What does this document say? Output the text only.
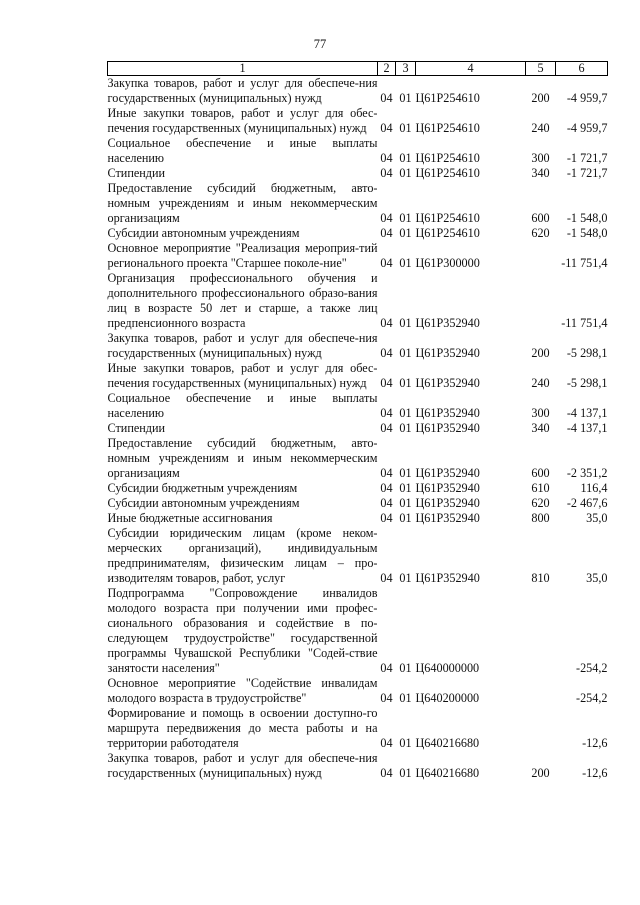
77
1	2	3	4	5	6
Закупка товаров, работ и услуг для обеспече-ния государственных (муниципальных) нужд	04	01	Ц61Р254610	200	-4 959,7
Иные закупки товаров, работ и услуг для обес-печения государственных (муниципальных) нужд	04	01	Ц61Р254610	240	-4 959,7
Социальное обеспечение и иные выплаты населению	04	01	Ц61Р254610	300	-1 721,7
Стипендии	04	01	Ц61Р254610	340	-1 721,7
Предоставление субсидий бюджетным, авто-номным учреждениям и иным некоммерческим организациям	04	01	Ц61Р254610	600	-1 548,0
Субсидии автономным учреждениям	04	01	Ц61Р254610	620	-1 548,0
Основное мероприятие "Реализация мероприя-тий регионального проекта "Старшее поколе-ние"	04	01	Ц61Р300000		-11 751,4
Организация профессионального обучения и дополнительного профессионального образо-вания лиц в возрасте 50 лет и старше, а также лиц предпенсионного возраста	04	01	Ц61Р352940		-11 751,4
Закупка товаров, работ и услуг для обеспече-ния государственных (муниципальных) нужд	04	01	Ц61Р352940	200	-5 298,1
Иные закупки товаров, работ и услуг для обес-печения государственных (муниципальных) нужд	04	01	Ц61Р352940	240	-5 298,1
Социальное обеспечение и иные выплаты населению	04	01	Ц61Р352940	300	-4 137,1
Стипендии	04	01	Ц61Р352940	340	-4 137,1
Предоставление субсидий бюджетным, авто-номным учреждениям и иным некоммерческим организациям	04	01	Ц61Р352940	600	-2 351,2
Субсидии бюджетным учреждениям	04	01	Ц61Р352940	610	116,4
Субсидии автономным учреждениям	04	01	Ц61Р352940	620	-2 467,6
Иные бюджетные ассигнования	04	01	Ц61Р352940	800	35,0
Субсидии юридическим лицам (кроме неком-мерческих организаций), индивидуальным предпринимателям, физическим лицам – про-изводителям товаров, работ, услуг	04	01	Ц61Р352940	810	35,0
Подпрограмма "Сопровождение инвалидов молодого возраста при получении ими профес-сионального образования и содействие в по-следующем трудоустройстве" государственной программы Чувашской Республики "Содей-ствие занятости населения"	04	01	Ц640000000		-254,2
Основное мероприятие "Содействие инвалидам молодого возраста в трудоустройстве"	04	01	Ц640200000		-254,2
Формирование и помощь в освоении доступно-го маршрута передвижения до места работы и на территории работодателя	04	01	Ц640216680		-12,6
Закупка товаров, работ и услуг для обеспече-ния государственных (муниципальных) нужд	04	01	Ц640216680	200	-12,6
